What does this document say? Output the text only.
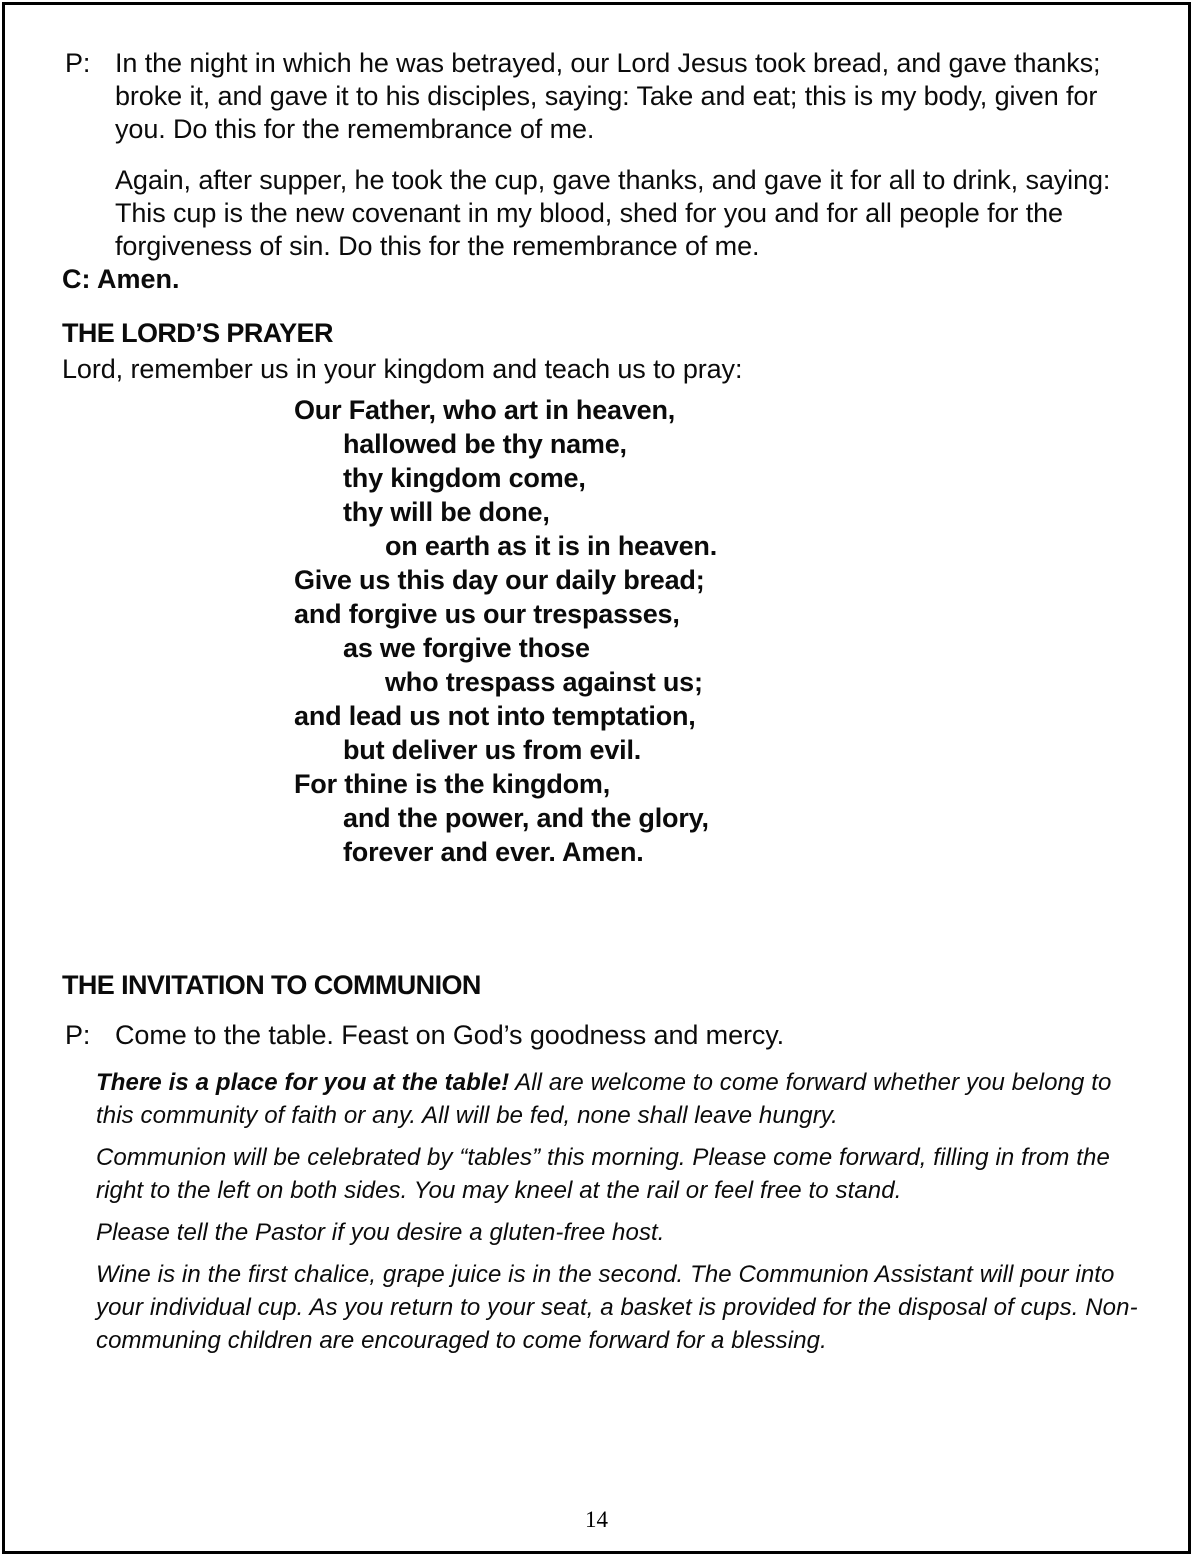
P: In the night in which he was betrayed, our Lord Jesus took bread, and gave thanks; broke it, and gave it to his disciples, saying: Take and eat; this is my body, given for you. Do this for the remembrance of me.

Again, after supper, he took the cup, gave thanks, and gave it for all to drink, saying: This cup is the new covenant in my blood, shed for you and for all people for the forgiveness of sin. Do this for the remembrance of me.

C: Amen.

THE LORD’S PRAYER

Lord, remember us in your kingdom and teach us to pray:

Our Father, who art in heaven,
hallowed be thy name,
thy kingdom come,
thy will be done,
on earth as it is in heaven.
Give us this day our daily bread;
and forgive us our trespasses,
as we forgive those
who trespass against us;
and lead us not into temptation,
but deliver us from evil.
For thine is the kingdom,
and the power, and the glory,
forever and ever. Amen.
THE INVITATION TO COMMUNION

P: Come to the table. Feast on God’s goodness and mercy.

There is a place for you at the table! All are welcome to come forward whether you belong to this community of faith or any. All will be fed, none shall leave hungry.

Communion will be celebrated by “tables” this morning. Please come forward, filling in from the right to the left on both sides. You may kneel at the rail or feel free to stand.

Please tell the Pastor if you desire a gluten-free host.

Wine is in the first chalice, grape juice is in the second. The Communion Assistant will pour into your individual cup. As you return to your seat, a basket is provided for the disposal of cups. Non-communing children are encouraged to come forward for a blessing.

14
